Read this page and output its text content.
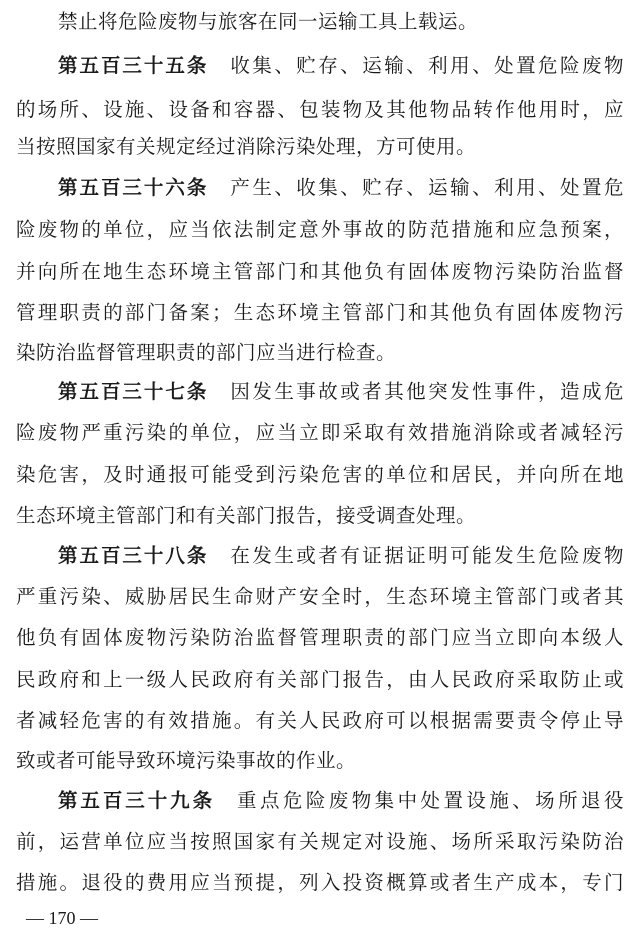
禁止将危险废物与旅客在同一运输工具上载运。
第五百三十五条 收集、贮存、运输、利用、处置危险废物
的场所、设施、设备和容器、包装物及其他物品转作他用时，应
当按照国家有关规定经过消除污染处理，方可使用。
第五百三十六条 产生、收集、贮存、运输、利用、处置危
险废物的单位，应当依法制定意外事故的防范措施和应急预案，
并向所在地生态环境主管部门和其他负有固体废物污染防治监督
管理职责的部门备案；生态环境主管部门和其他负有固体废物污
染防治监督管理职责的部门应当进行检查。
第五百三十七条 因发生事故或者其他突发性事件，造成危
险废物严重污染的单位，应当立即采取有效措施消除或者减轻污
染危害，及时通报可能受到污染危害的单位和居民，并向所在地
生态环境主管部门和有关部门报告，接受调查处理。
第五百三十八条 在发生或者有证据证明可能发生危险废物
严重污染、威胁居民生命财产安全时，生态环境主管部门或者其
他负有固体废物污染防治监督管理职责的部门应当立即向本级人
民政府和上一级人民政府有关部门报告，由人民政府采取防止或
者减轻危害的有效措施。有关人民政府可以根据需要责令停止导
致或者可能导致环境污染事故的作业。
第五百三十九条 重点危险废物集中处置设施、场所退役
前，运营单位应当按照国家有关规定对设施、场所采取污染防治
措施。退役的费用应当预提，列入投资概算或者生产成本，专门
— 170 —
